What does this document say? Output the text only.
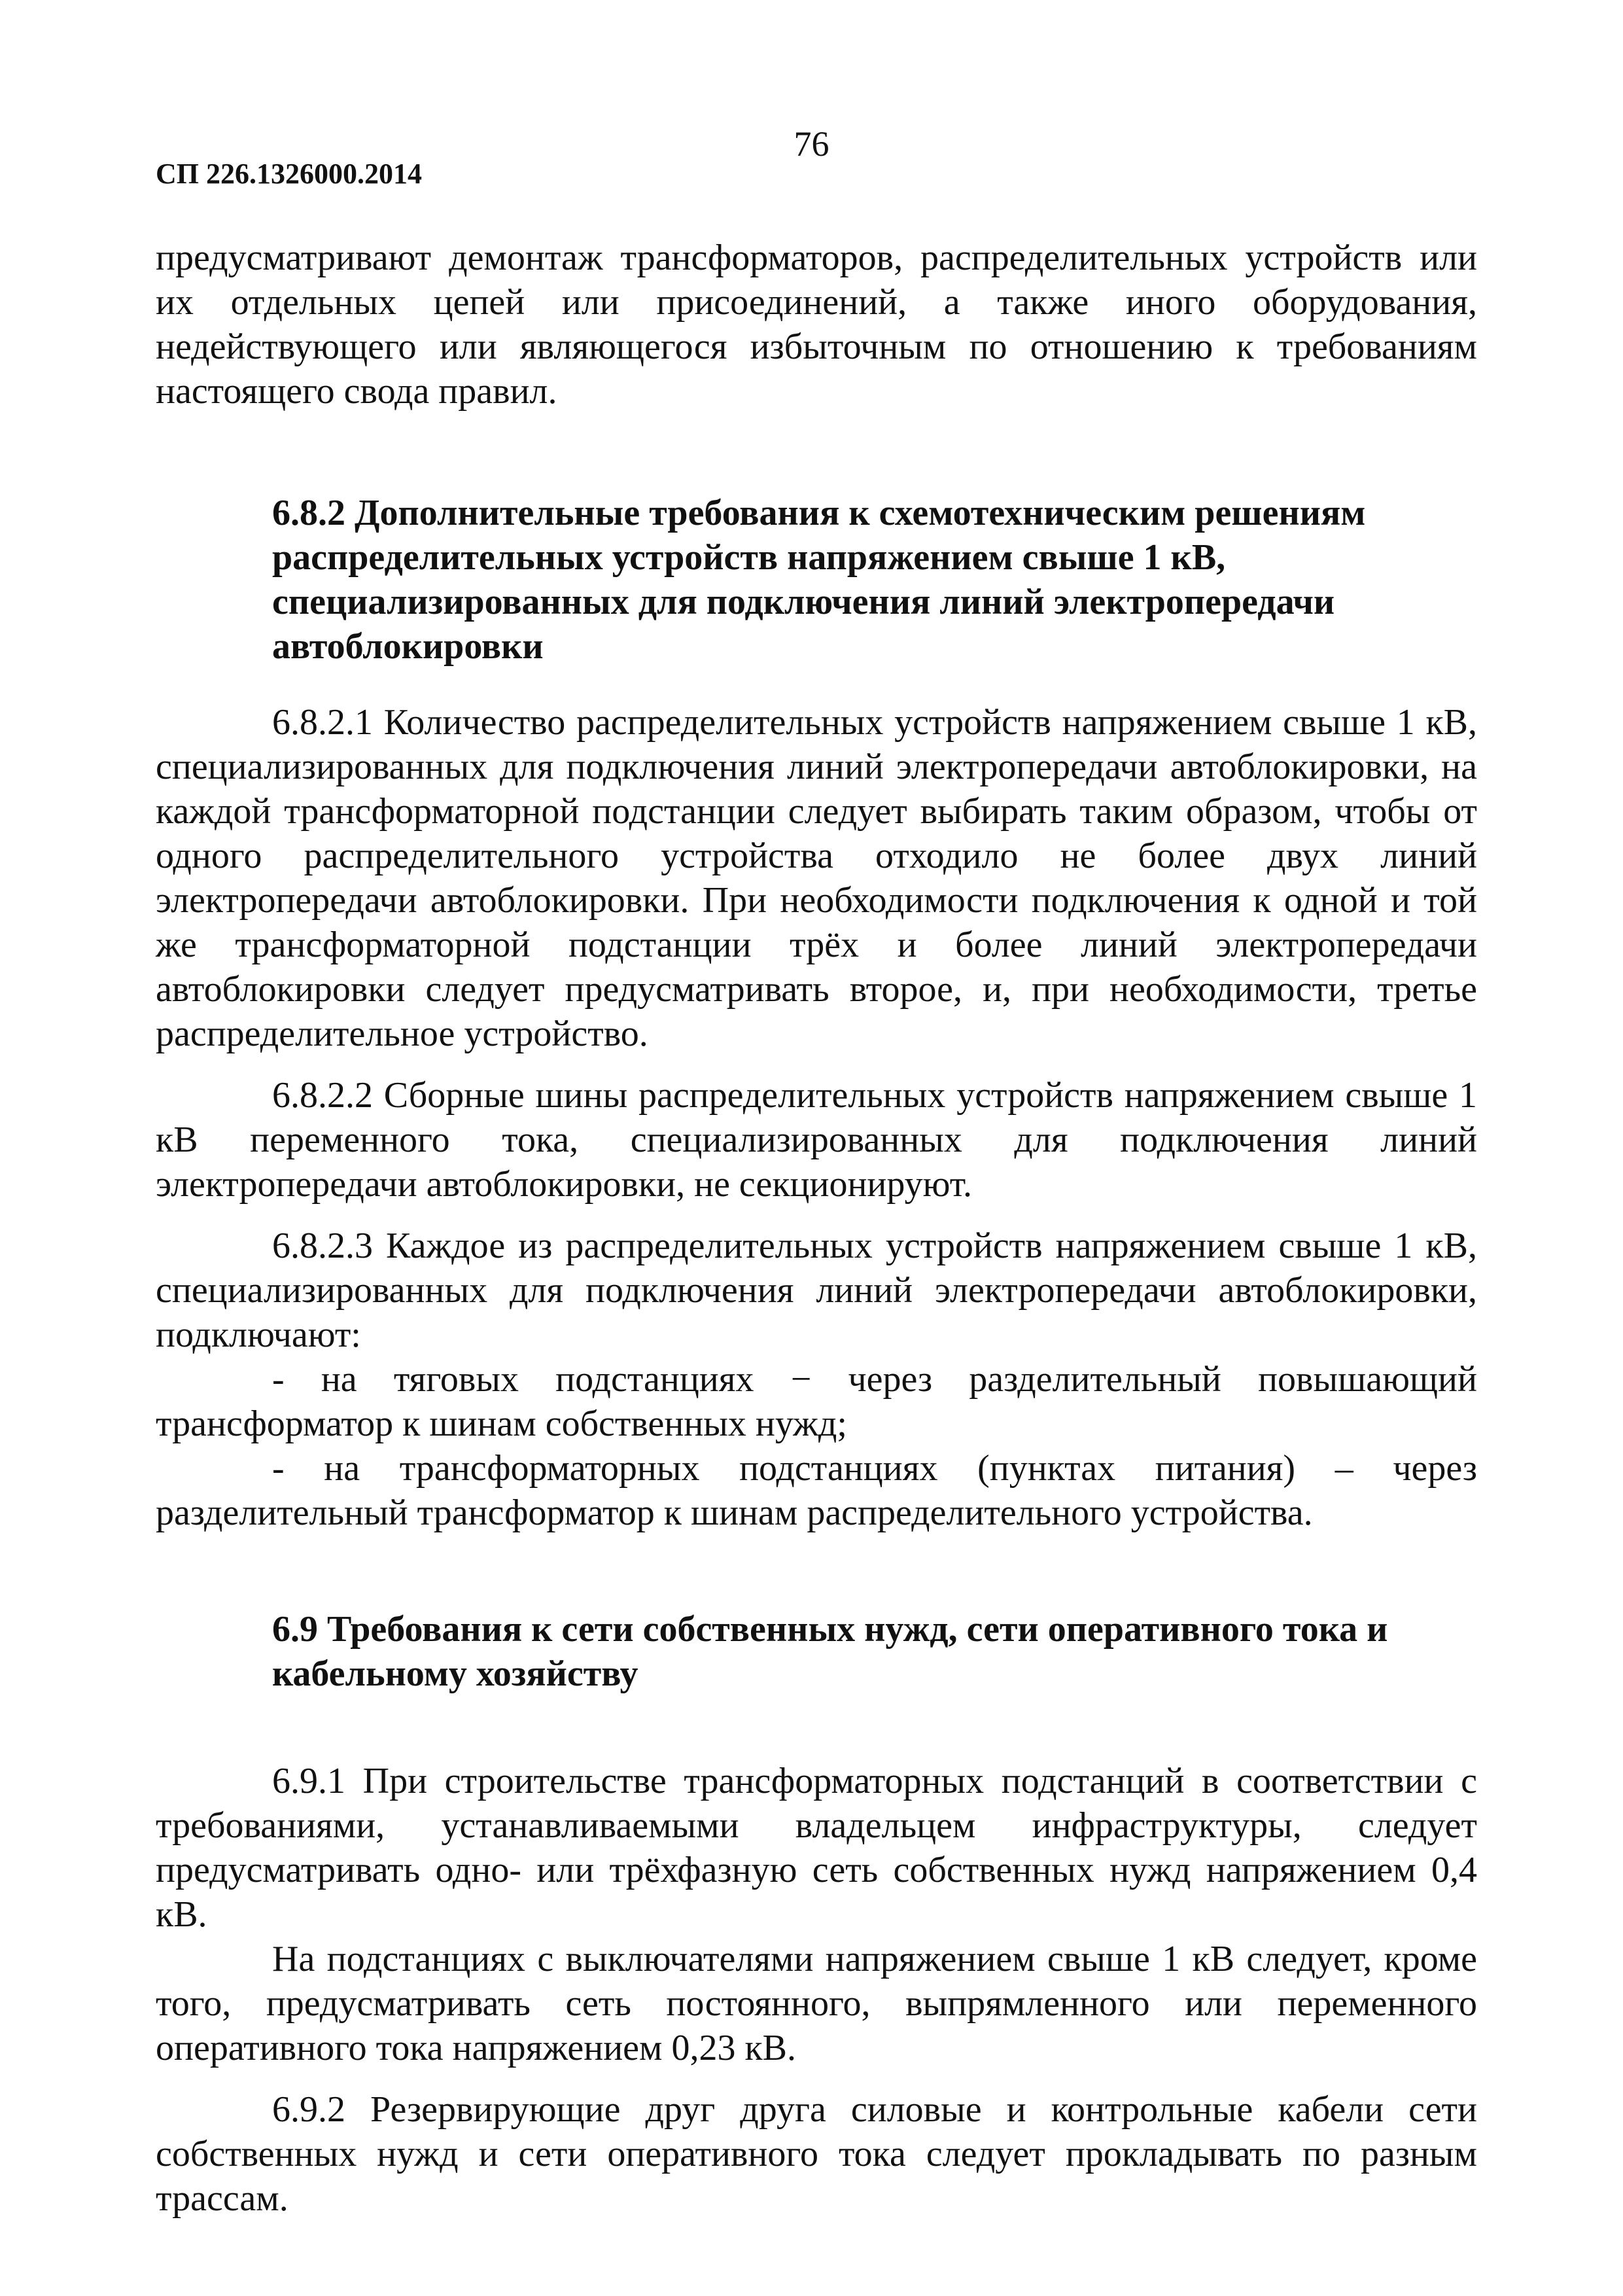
76
СП 226.1326000.2014

предусматривают демонтаж трансформаторов, распределительных устройств или их отдельных цепей или присоединений, а также иного оборудования, недействующего или являющегося избыточным по отношению к требованиям настоящего свода правил.

6.8.2 Дополнительные требования к схемотехническим решениям распределительных устройств напряжением свыше 1 кВ, специализированных для подключения линий электропередачи автоблокировки

6.8.2.1 Количество распределительных устройств напряжением свыше 1 кВ, специализированных для подключения линий электропередачи автоблокировки, на каждой трансформаторной подстанции следует выбирать таким образом, чтобы от одного распределительного устройства отходило не более двух линий электропередачи автоблокировки. При необходимости подключения к одной и той же трансформаторной подстанции трёх и более линий электропередачи автоблокировки следует предусматривать второе, и, при необходимости, третье распределительное устройство.

6.8.2.2 Сборные шины распределительных устройств напряжением свыше 1 кВ переменного тока, специализированных для подключения линий электропередачи автоблокировки, не секционируют.

6.8.2.3 Каждое из распределительных устройств напряжением свыше 1 кВ, специализированных для подключения линий электропередачи автоблокировки, подключают:

- на тяговых подстанциях − через разделительный повышающий трансформатор к шинам собственных нужд;

- на трансформаторных подстанциях (пунктах питания) – через разделительный трансформатор к шинам распределительного устройства.

6.9 Требования к сети собственных нужд, сети оперативного тока и кабельному хозяйству

6.9.1 При строительстве трансформаторных подстанций в соответствии с требованиями, устанавливаемыми владельцем инфраструктуры, следует предусматривать одно- или трёхфазную сеть собственных нужд напряжением 0,4 кВ.

На подстанциях с выключателями напряжением свыше 1 кВ следует, кроме того, предусматривать сеть постоянного, выпрямленного или переменного оперативного тока напряжением 0,23 кВ.

6.9.2 Резервирующие друг друга силовые и контрольные кабели сети собственных нужд и сети оперативного тока следует прокладывать по разным трассам.
